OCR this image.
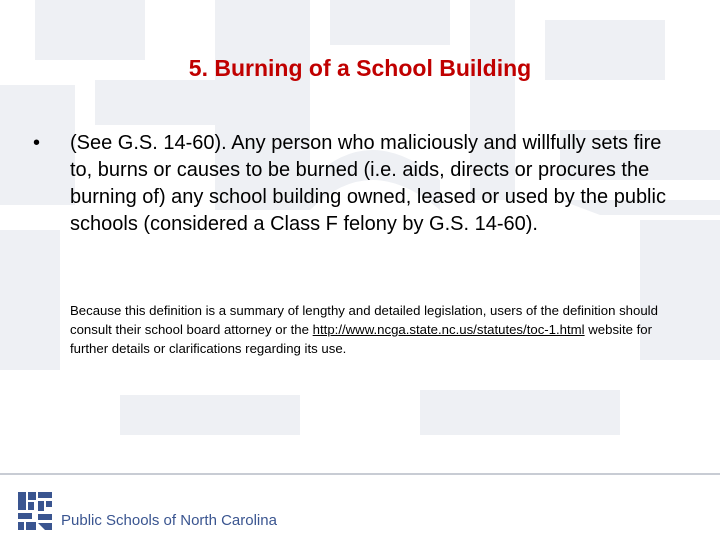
5. Burning of a School Building
• (See G.S. 14-60). Any person who maliciously and willfully sets fire to, burns or causes to be burned (i.e. aids, directs or procures the burning of) any school building owned, leased or used by the public schools (considered a Class F felony by G.S. 14-60).

Because this definition is a summary of lengthy and detailed legislation, users of the definition should consult their school board attorney or the http://www.ncga.state.nc.us/statutes/toc-1.html website for further details or clarifications regarding its use.

Public Schools of North Carolina
